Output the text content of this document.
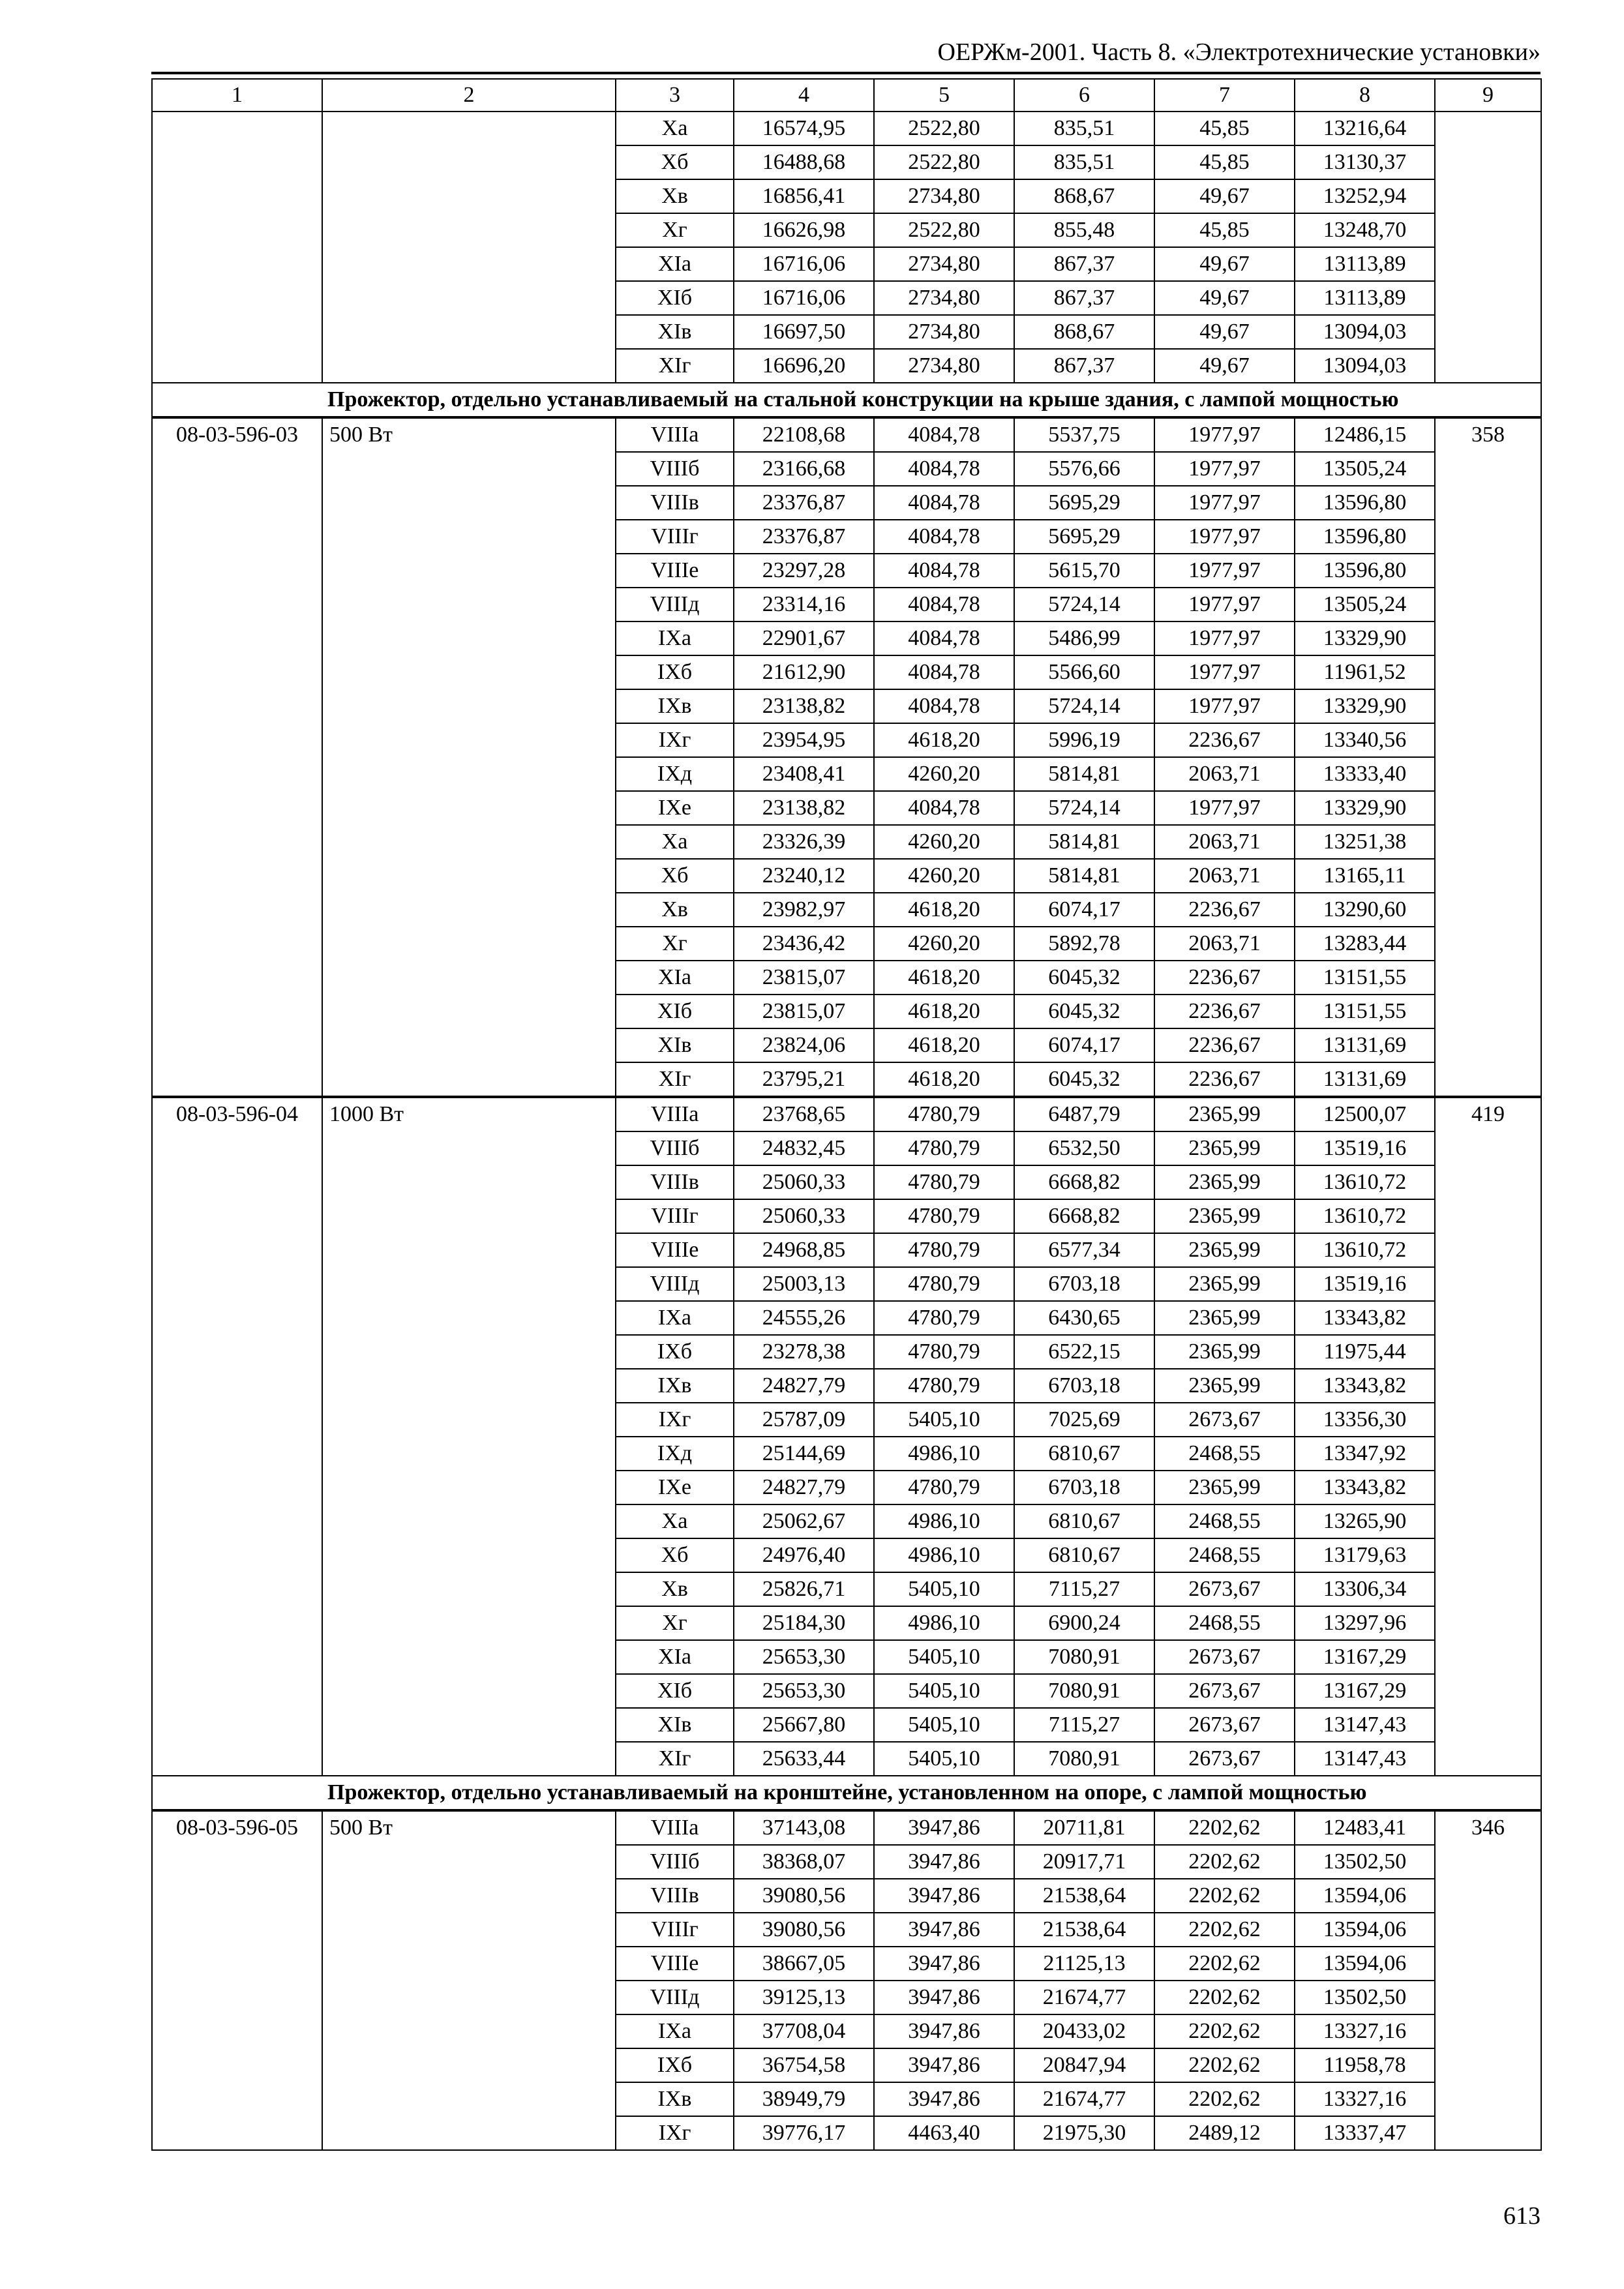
ОЕРЖм-2001. Часть 8. «Электротехнические установки»
1	2	3	4	5	6	7	8	9
		Xa	16574,95	2522,80	835,51	45,85	13216,64	
		Xб	16488,68	2522,80	835,51	45,85	13130,37	
		Xв	16856,41	2734,80	868,67	49,67	13252,94	
		Xг	16626,98	2522,80	855,48	45,85	13248,70	
		XIa	16716,06	2734,80	867,37	49,67	13113,89	
		XIб	16716,06	2734,80	867,37	49,67	13113,89	
		XIв	16697,50	2734,80	868,67	49,67	13094,03	
		XIг	16696,20	2734,80	867,37	49,67	13094,03	
Прожектор, отдельно устанавливаемый на стальной конструкции на крыше здания, с лампой мощностью								
08-03-596-03	500 Вт	VIIIa	22108,68	4084,78	5537,75	1977,97	12486,15	358
		VIIIб	23166,68	4084,78	5576,66	1977,97	13505,24	
		VIIIв	23376,87	4084,78	5695,29	1977,97	13596,80	
		VIIIг	23376,87	4084,78	5695,29	1977,97	13596,80	
		VIIIe	23297,28	4084,78	5615,70	1977,97	13596,80	
		VIIIд	23314,16	4084,78	5724,14	1977,97	13505,24	
		IXa	22901,67	4084,78	5486,99	1977,97	13329,90	
		IXб	21612,90	4084,78	5566,60	1977,97	11961,52	
		IXв	23138,82	4084,78	5724,14	1977,97	13329,90	
		IXг	23954,95	4618,20	5996,19	2236,67	13340,56	
		IXд	23408,41	4260,20	5814,81	2063,71	13333,40	
		IXe	23138,82	4084,78	5724,14	1977,97	13329,90	
		Xa	23326,39	4260,20	5814,81	2063,71	13251,38	
		Xб	23240,12	4260,20	5814,81	2063,71	13165,11	
		Xв	23982,97	4618,20	6074,17	2236,67	13290,60	
		Xг	23436,42	4260,20	5892,78	2063,71	13283,44	
		XIa	23815,07	4618,20	6045,32	2236,67	13151,55	
		XIб	23815,07	4618,20	6045,32	2236,67	13151,55	
		XIв	23824,06	4618,20	6074,17	2236,67	13131,69	
		XIг	23795,21	4618,20	6045,32	2236,67	13131,69	
08-03-596-04	1000 Вт	VIIIa	23768,65	4780,79	6487,79	2365,99	12500,07	419
		VIIIб	24832,45	4780,79	6532,50	2365,99	13519,16	
		VIIIв	25060,33	4780,79	6668,82	2365,99	13610,72	
		VIIIг	25060,33	4780,79	6668,82	2365,99	13610,72	
		VIIIe	24968,85	4780,79	6577,34	2365,99	13610,72	
		VIIIд	25003,13	4780,79	6703,18	2365,99	13519,16	
		IXa	24555,26	4780,79	6430,65	2365,99	13343,82	
		IXб	23278,38	4780,79	6522,15	2365,99	11975,44	
		IXв	24827,79	4780,79	6703,18	2365,99	13343,82	
		IXг	25787,09	5405,10	7025,69	2673,67	13356,30	
		IXд	25144,69	4986,10	6810,67	2468,55	13347,92	
		IXe	24827,79	4780,79	6703,18	2365,99	13343,82	
		Xa	25062,67	4986,10	6810,67	2468,55	13265,90	
		Xб	24976,40	4986,10	6810,67	2468,55	13179,63	
		Xв	25826,71	5405,10	7115,27	2673,67	13306,34	
		Xг	25184,30	4986,10	6900,24	2468,55	13297,96	
		XIa	25653,30	5405,10	7080,91	2673,67	13167,29	
		XIб	25653,30	5405,10	7080,91	2673,67	13167,29	
		XIв	25667,80	5405,10	7115,27	2673,67	13147,43	
		XIг	25633,44	5405,10	7080,91	2673,67	13147,43	
Прожектор, отдельно устанавливаемый на кронштейне, установленном на опоре, с лампой мощностью								
08-03-596-05	500 Вт	VIIIa	37143,08	3947,86	20711,81	2202,62	12483,41	346
		VIIIб	38368,07	3947,86	20917,71	2202,62	13502,50	
		VIIIв	39080,56	3947,86	21538,64	2202,62	13594,06	
		VIIIг	39080,56	3947,86	21538,64	2202,62	13594,06	
		VIIIe	38667,05	3947,86	21125,13	2202,62	13594,06	
		VIIIд	39125,13	3947,86	21674,77	2202,62	13502,50	
		IXa	37708,04	3947,86	20433,02	2202,62	13327,16	
		IXб	36754,58	3947,86	20847,94	2202,62	11958,78	
		IXв	38949,79	3947,86	21674,77	2202,62	13327,16	
		IXг	39776,17	4463,40	21975,30	2489,12	13337,47	
613
